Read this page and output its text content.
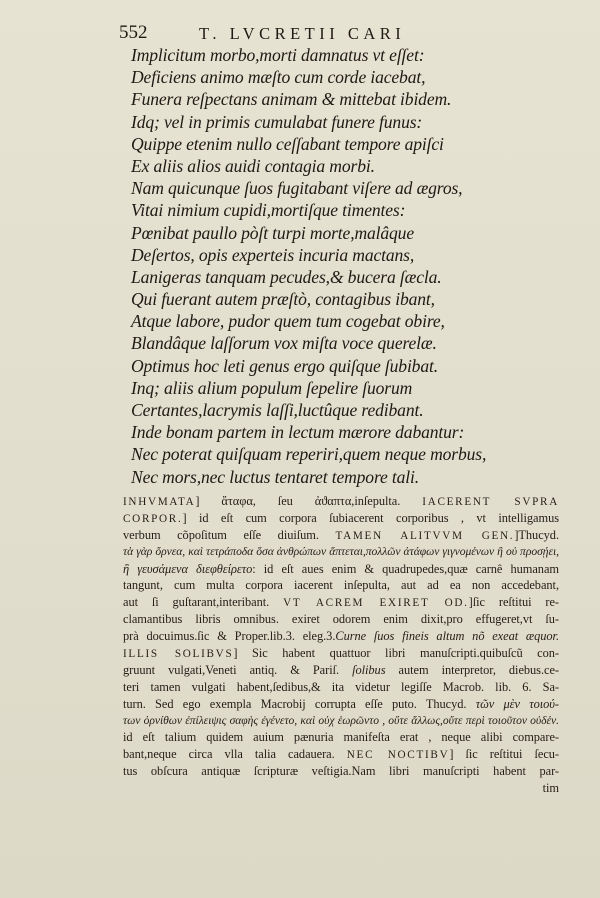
552	T. LVCRETII CARI
Implicitum morbo,morti damnatus vt eſſet:
Deficiens animo mæſto cum corde iacebat,
Funera reſpectans animam & mittebat ibidem.
Idq; vel in primis cumulabat funere funus:
Quippe etenim nullo ceſſabant tempore apiſci
Ex aliis alios auidi contagia morbi.
Nam quicunque ſuos fugitabant viſere ad ægros,
Vitai nimium cupidi,mortiſque timentes:
Pœnibat paullo pòſt turpi morte,malâque
Deſertos, opis experteis incuria mactans,
Lanigeras tanquam pecudes,& bucera ſæcla.
Qui fuerant autem præſtò, contagibus ibant,
Atque labore, pudor quem tum cogebat obire,
Blandâque laſſorum vox miſta voce querelæ.
Optimus hoc leti genus ergo quiſque ſubibat.
Inq; aliis alium populum ſepelire ſuorum
Certantes,lacrymis laſſi,luctûque redibant.
Inde bonam partem in lectum mærore dabantur:
Nec poterat quiſquam reperiri,quem neque morbus,
Nec mors,nec luctus tentaret tempore tali.
INHVMATA] ἄταφα, ſeu ἀϑαπτα,inſepulta. IACERENT SVPRA
CORPOR.] id eſt cum corpora ſubiacerent corporibus , vt intelligamus
verbum cõpoſitum eſſe diuiſum. TAMEN ALITVVM GEN.]Thucyd.
τὰ γὰρ ὄρνεα, καὶ τετράποδα ὅσα ἀνθρώπων ἅπτεται,πολλῶν ἀτάφων γιγνομένων ἢ οὐ προσῄει,
ἢ γευσάμενα διεφθείρετο: id eſt aues enim & quadrupedes,quæ carnê humanam
tangunt, cum multa corpora iacerent inſepulta, aut ad ea non accedebant,
aut ſi guſtarant,interibant. VT ACREM EXIRET OD.]ſic reſtitui re-
clamantibus libris omnibus. exiret odorem enim dixit,pro effugeret,vt ſu-
prà docuimus.ſic & Proper.lib.3. eleg.3.Curne ſuos fineis altum nõ exeat æquor.
ILLIS SOLIBVS] Sic habent quattuor libri manuſcripti.quibuſcũ con-
gruunt vulgati,Veneti antiq. & Pariſ. ſolibus autem interpretor, diebus.ce-
teri tamen vulgati habent,ſedibus,& ita videtur legiſſe Macrob. lib. 6. Sa-
turn. Sed ego exempla Macrobij corrupta eſſe puto. Thucyd. τῶν μὲν τοιού-
των ὀρνίθων ἐπίλειψις σαφὴς ἐγένετο, καὶ οὐχ ἑωρῶντο , οὔτε ἄλλως,οὔτε περὶ τοιοῦτον οὐδέν.
id eſt talium quidem auium pænuria manifeſta erat , neque alibi compare-
bant,neque circa vlla talia cadauera. NEC NOCTIBV] ſic reſtitui ſecu-
tus obſcura antiquæ ſcripturæ veſtigia.Nam libri manuſcripti habent par-
tim
